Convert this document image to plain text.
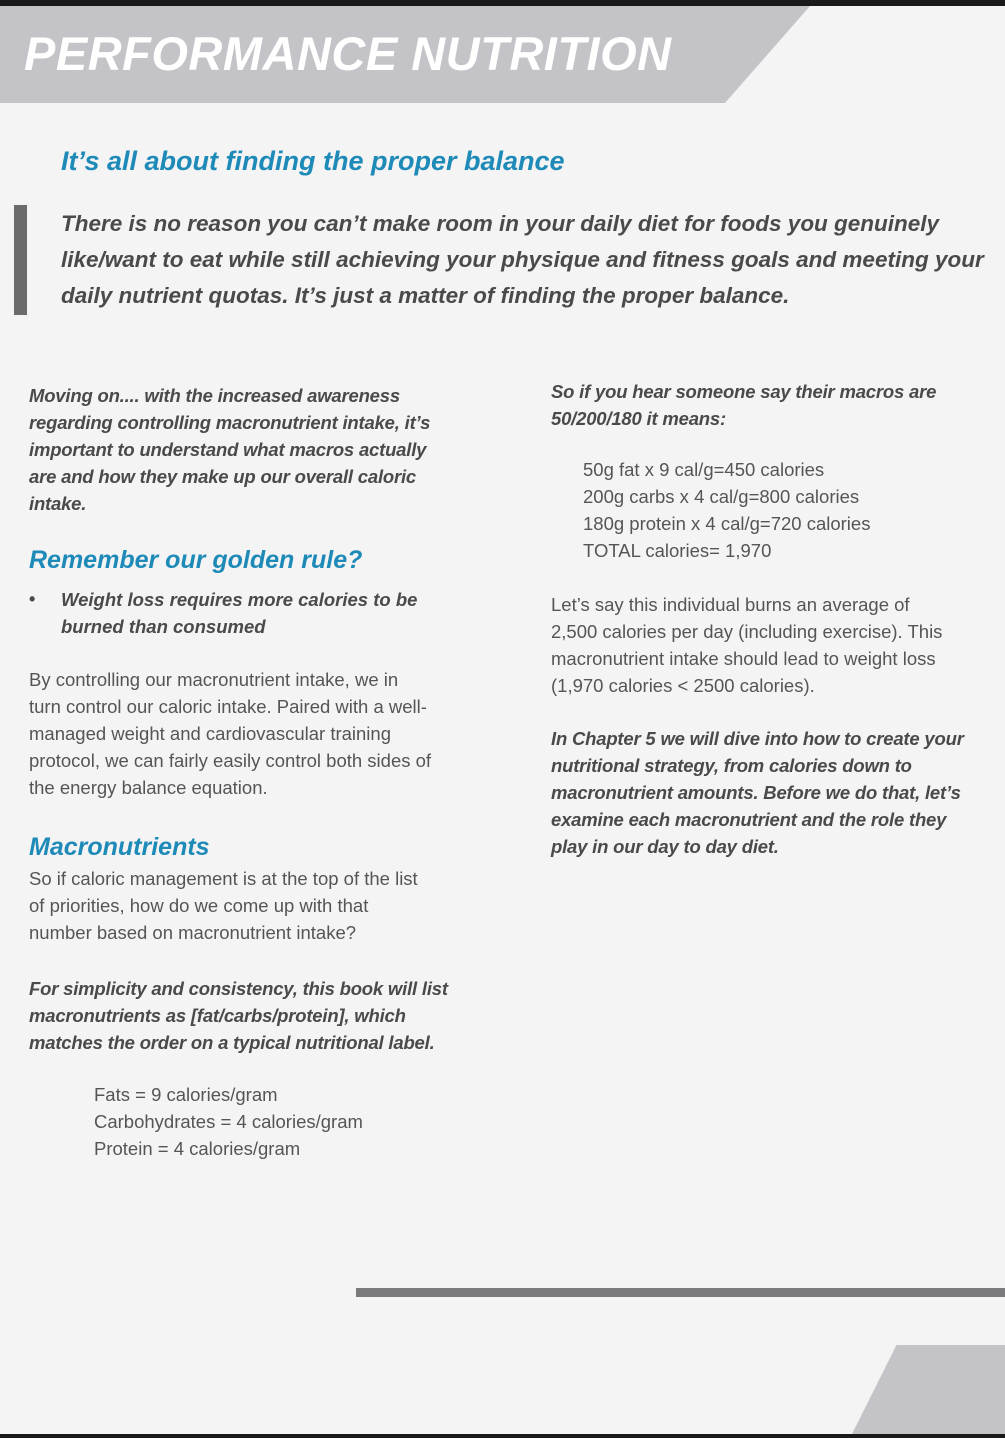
PERFORMANCE NUTRITION
It’s all about finding the proper balance

There is no reason you can’t make room in your daily diet for foods you genuinely
like/want to eat while still achieving your physique and fitness goals and meeting your
daily nutrient quotas. It’s just a matter of finding the proper balance.

Moving on.... with the increased awareness
regarding controlling macronutrient intake, it’s
important to understand what macros actually
are and how they make up our overall caloric
intake.

Remember our golden rule?
• Weight loss requires more calories to be
burned than consumed

By controlling our macronutrient intake, we in
turn control our caloric intake. Paired with a well-
managed weight and cardiovascular training
protocol, we can fairly easily control both sides of
the energy balance equation.

Macronutrients

So if caloric management is at the top of the list
of priorities, how do we come up with that
number based on macronutrient intake?

For simplicity and consistency, this book will list
macronutrients as [fat/carbs/protein], which
matches the order on a typical nutritional label.

Fats = 9 calories/gram
Carbohydrates = 4 calories/gram
Protein = 4 calories/gram

So if you hear someone say their macros are
50/200/180 it means:

50g fat x 9 cal/g=450 calories
200g carbs x 4 cal/g=800 calories
180g protein x 4 cal/g=720 calories
TOTAL calories= 1,970

Let’s say this individual burns an average of
2,500 calories per day (including exercise). This
macronutrient intake should lead to weight loss
(1,970 calories < 2500 calories).

In Chapter 5 we will dive into how to create your
nutritional strategy, from calories down to
macronutrient amounts. Before we do that, let’s
examine each macronutrient and the role they
play in our day to day diet.
